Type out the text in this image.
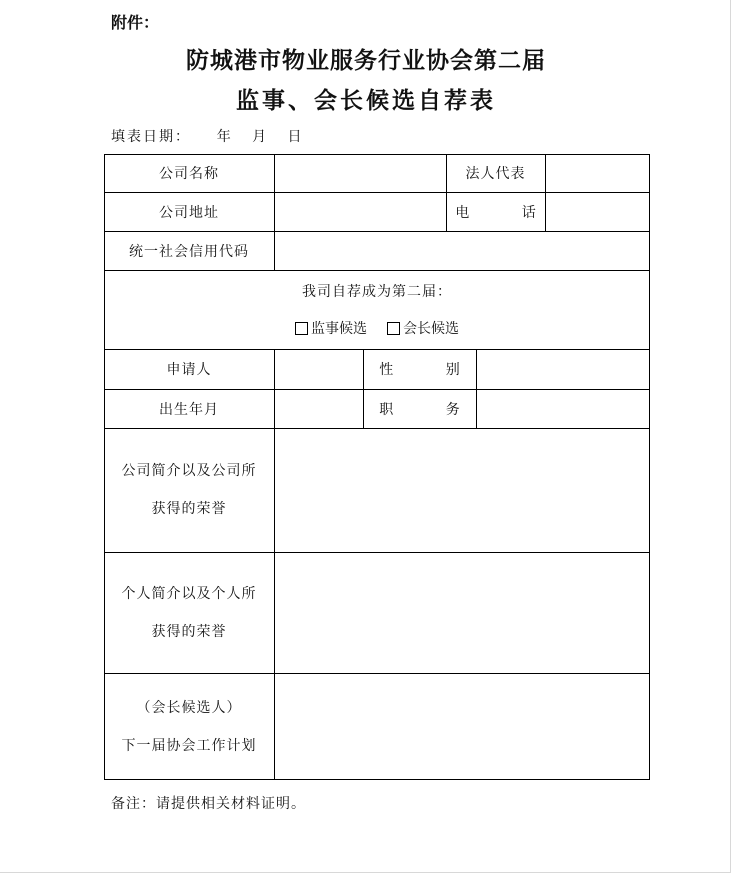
附件：
防城港市物业服务行业协会第二届
监事、会长候选自荐表
填表日期：    年   月   日
公司名称	法人代表
公司地址	电 话
统一社会信用代码
我司自荐成为第二届：
监事候选	会长候选
申请人	性 别
出生年月	职 务
公司简介以及公司所
获得的荣誉
个人简介以及个人所
获得的荣誉
（会长候选人）
下一届协会工作计划
备注：请提供相关材料证明。
